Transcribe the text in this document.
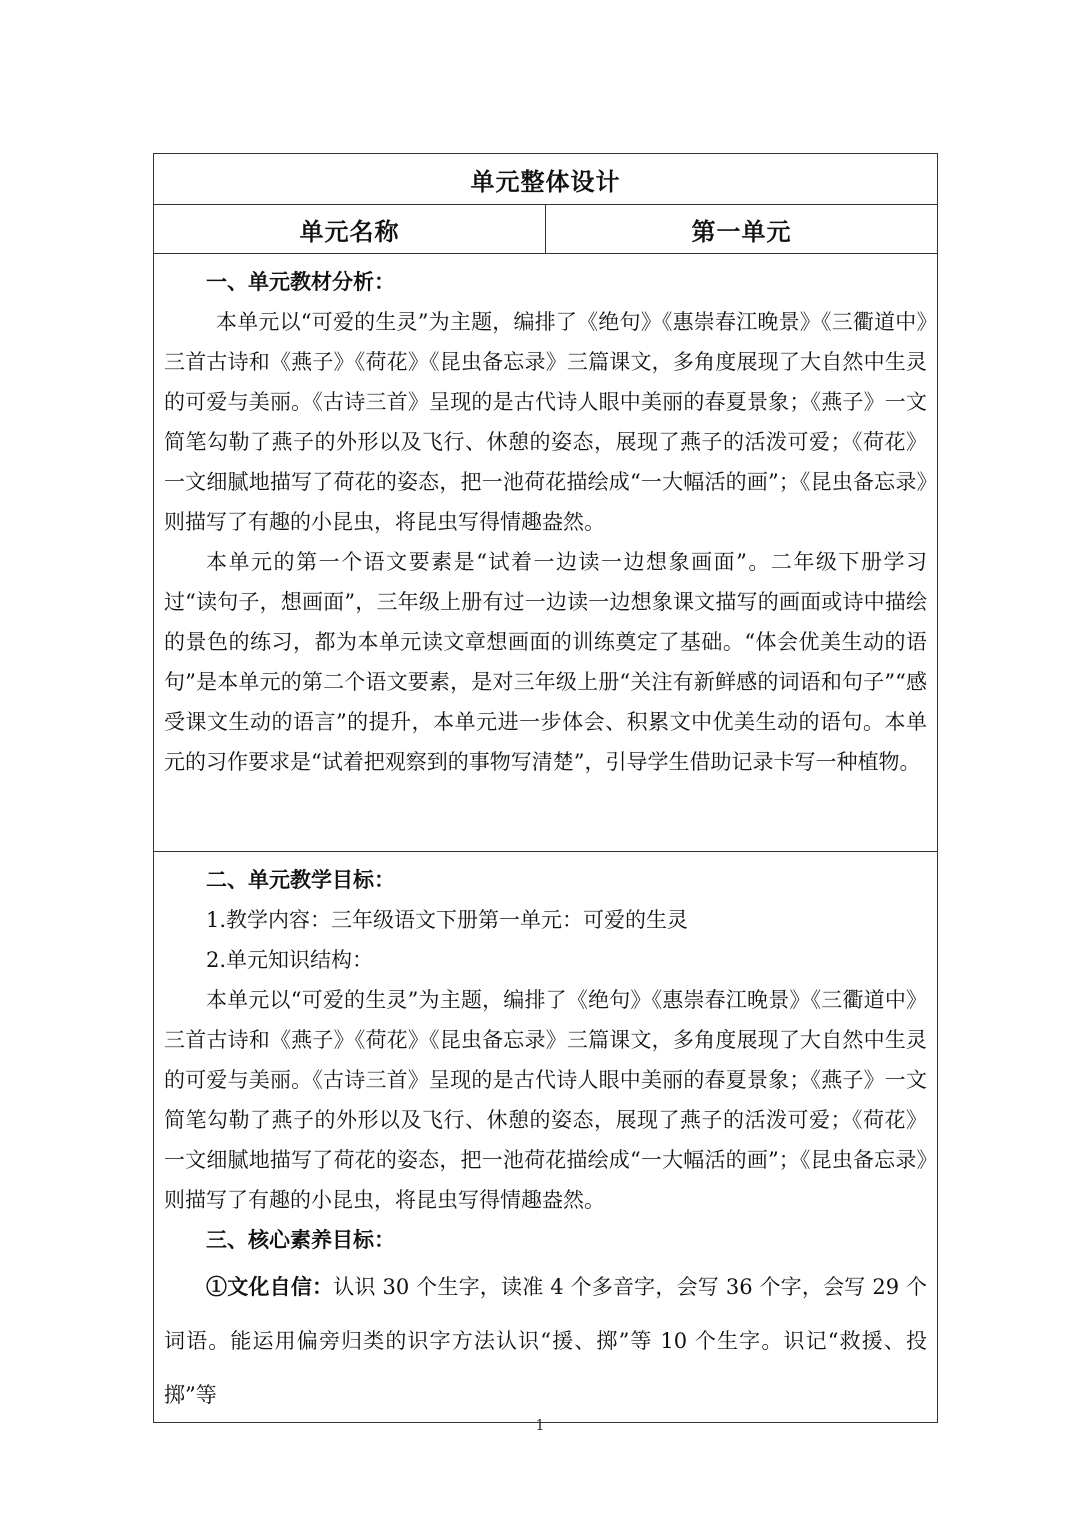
单元整体设计
单元名称	第一单元

一、单元教材分析：

本单元以“可爱的生灵”为主题，编排了《绝句》《惠崇春江晚景》《三衢道中》三首古诗和《燕子》《荷花》《昆虫备忘录》三篇课文，多角度展现了大自然中生灵的可爱与美丽。《古诗三首》呈现的是古代诗人眼中美丽的春夏景象；《燕子》一文简笔勾勒了燕子的外形以及飞行、休憩的姿态，展现了燕子的活泼可爱；《荷花》一文细腻地描写了荷花的姿态，把一池荷花描绘成“一大幅活的画”；《昆虫备忘录》则描写了有趣的小昆虫，将昆虫写得情趣盎然。

本单元的第一个语文要素是“试着一边读一边想象画面”。二年级下册学习过“读句子，想画面”，三年级上册有过一边读一边想象课文描写的画面或诗中描绘的景色的练习，都为本单元读文章想画面的训练奠定了基础。“体会优美生动的语句”是本单元的第二个语文要素，是对三年级上册“关注有新鲜感的词语和句子”“感受课文生动的语言”的提升，本单元进一步体会、积累文中优美生动的语句。本单元的习作要求是“试着把观察到的事物写清楚”，引导学生借助记录卡写一种植物。

二、单元教学目标：

1.教学内容：三年级语文下册第一单元：可爱的生灵

2.单元知识结构：

本单元以“可爱的生灵”为主题，编排了《绝句》《惠崇春江晚景》《三衢道中》三首古诗和《燕子》《荷花》《昆虫备忘录》三篇课文，多角度展现了大自然中生灵的可爱与美丽。《古诗三首》呈现的是古代诗人眼中美丽的春夏景象；《燕子》一文简笔勾勒了燕子的外形以及飞行、休憩的姿态，展现了燕子的活泼可爱；《荷花》一文细腻地描写了荷花的姿态，把一池荷花描绘成“一大幅活的画”；《昆虫备忘录》则描写了有趣的小昆虫，将昆虫写得情趣盎然。

三、核心素养目标：

①文化自信：认识 30 个生字，读准 4 个多音字，会写 36 个字，会写 29 个词语。能运用偏旁归类的识字方法认识“援、掷”等 10 个生字。识记“救援、投掷”等

1
